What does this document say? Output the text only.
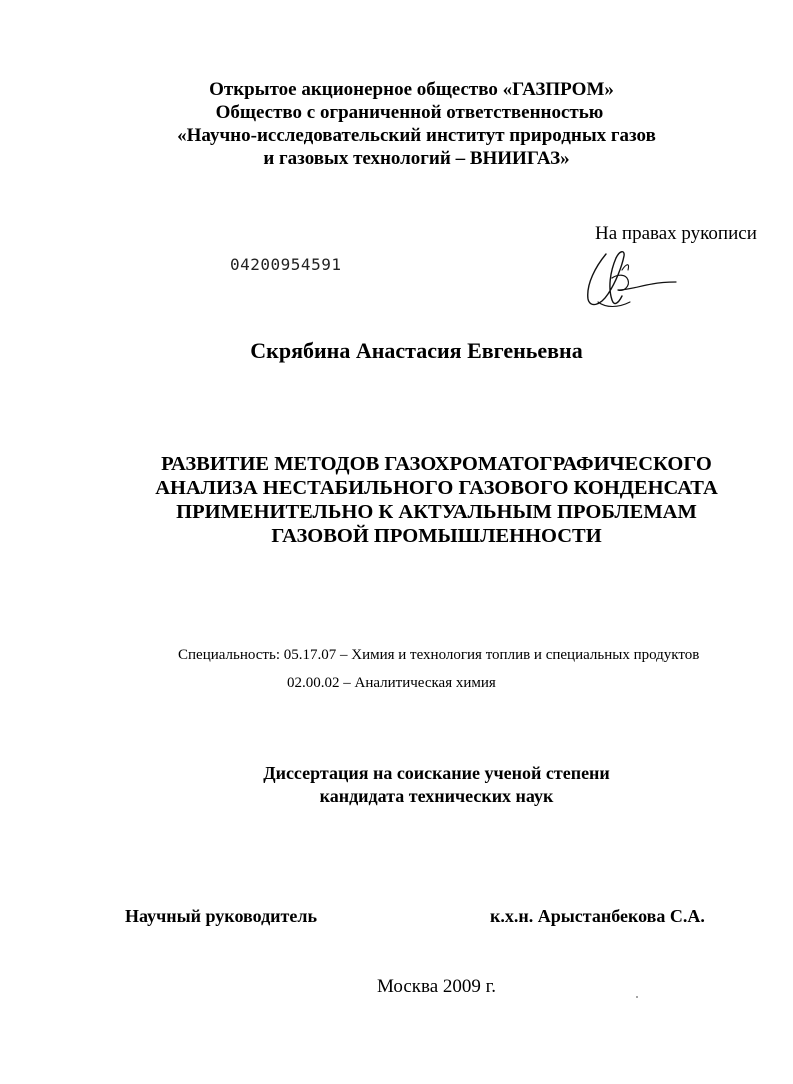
Открытое акционерное общество «ГАЗПРОМ»
Общество с ограниченной ответственностью
«Научно-исследовательский институт природных газов
и газовых технологий – ВНИИГАЗ»
На правах рукописи
04200954591
Скрябина Анастасия Евгеньевна
РАЗВИТИЕ МЕТОДОВ ГАЗОХРОМАТОГРАФИЧЕСКОГО
АНАЛИЗА НЕСТАБИЛЬНОГО ГАЗОВОГО КОНДЕНСАТА
ПРИМЕНИТЕЛЬНО К АКТУАЛЬНЫМ ПРОБЛЕМАМ
ГАЗОВОЙ ПРОМЫШЛЕННОСТИ
Специальность: 05.17.07 – Химия и технология топлив и специальных продуктов
02.00.02 – Аналитическая химия
Диссертация на соискание ученой степени
кандидата технических наук
Научный руководитель	к.х.н. Арыстанбекова С.А.
Москва 2009 г.
